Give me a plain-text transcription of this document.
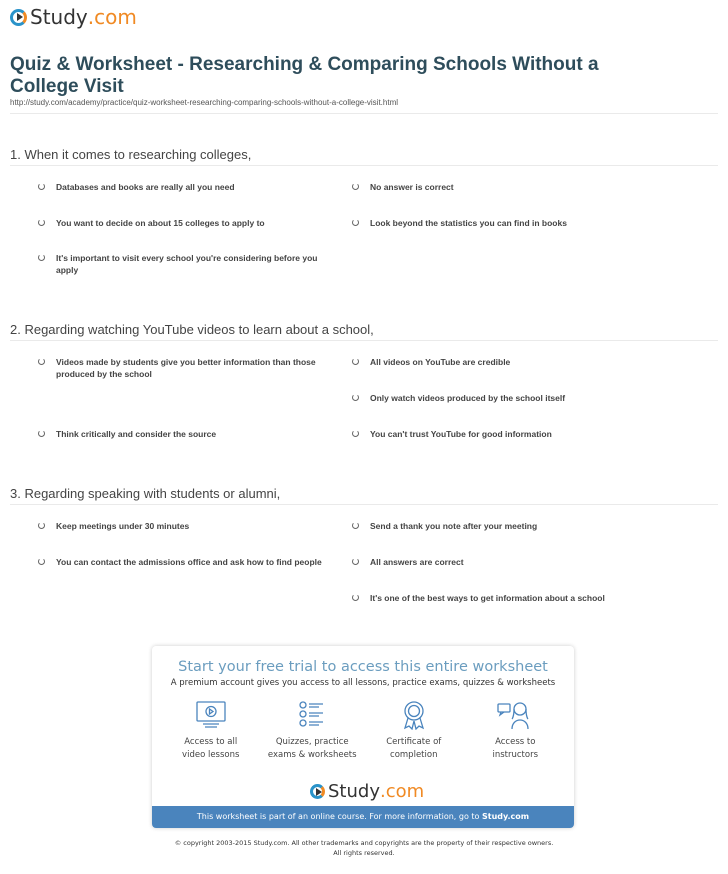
Study .com
Quiz & Worksheet - Researching & Comparing Schools Without a College Visit
http://study.com/academy/practice/quiz-worksheet-researching-comparing-schools-without-a-college-visit.html
1. When it comes to researching colleges,
Databases and books are really all you need	No answer is correct
You want to decide on about 15 colleges to apply to	Look beyond the statistics you can find in books
It's important to visit every school you're considering before you apply
2. Regarding watching YouTube videos to learn about a school,
Videos made by students give you better information than those produced by the school
All videos on YouTube are credible
Only watch videos produced by the school itself
Think critically and consider the source	You can't trust YouTube for good information
3. Regarding speaking with students or alumni,
Keep meetings under 30 minutes	Send a thank you note after your meeting
You can contact the admissions office and ask how to find people	All answers are correct
It's one of the best ways to get information about a school
Start your free trial to access this entire worksheet
A premium account gives you access to all lessons, practice exams, quizzes & worksheets
Access to all
video lessons
Quizzes, practice
exams & worksheets
Certificate of
completion
Access to
instructors
Study .com
This worksheet is part of an online course. For more information, go to Study.com
© copyright 2003-2015 Study.com. All other trademarks and copyrights are the property of their respective owners.
All rights reserved.
